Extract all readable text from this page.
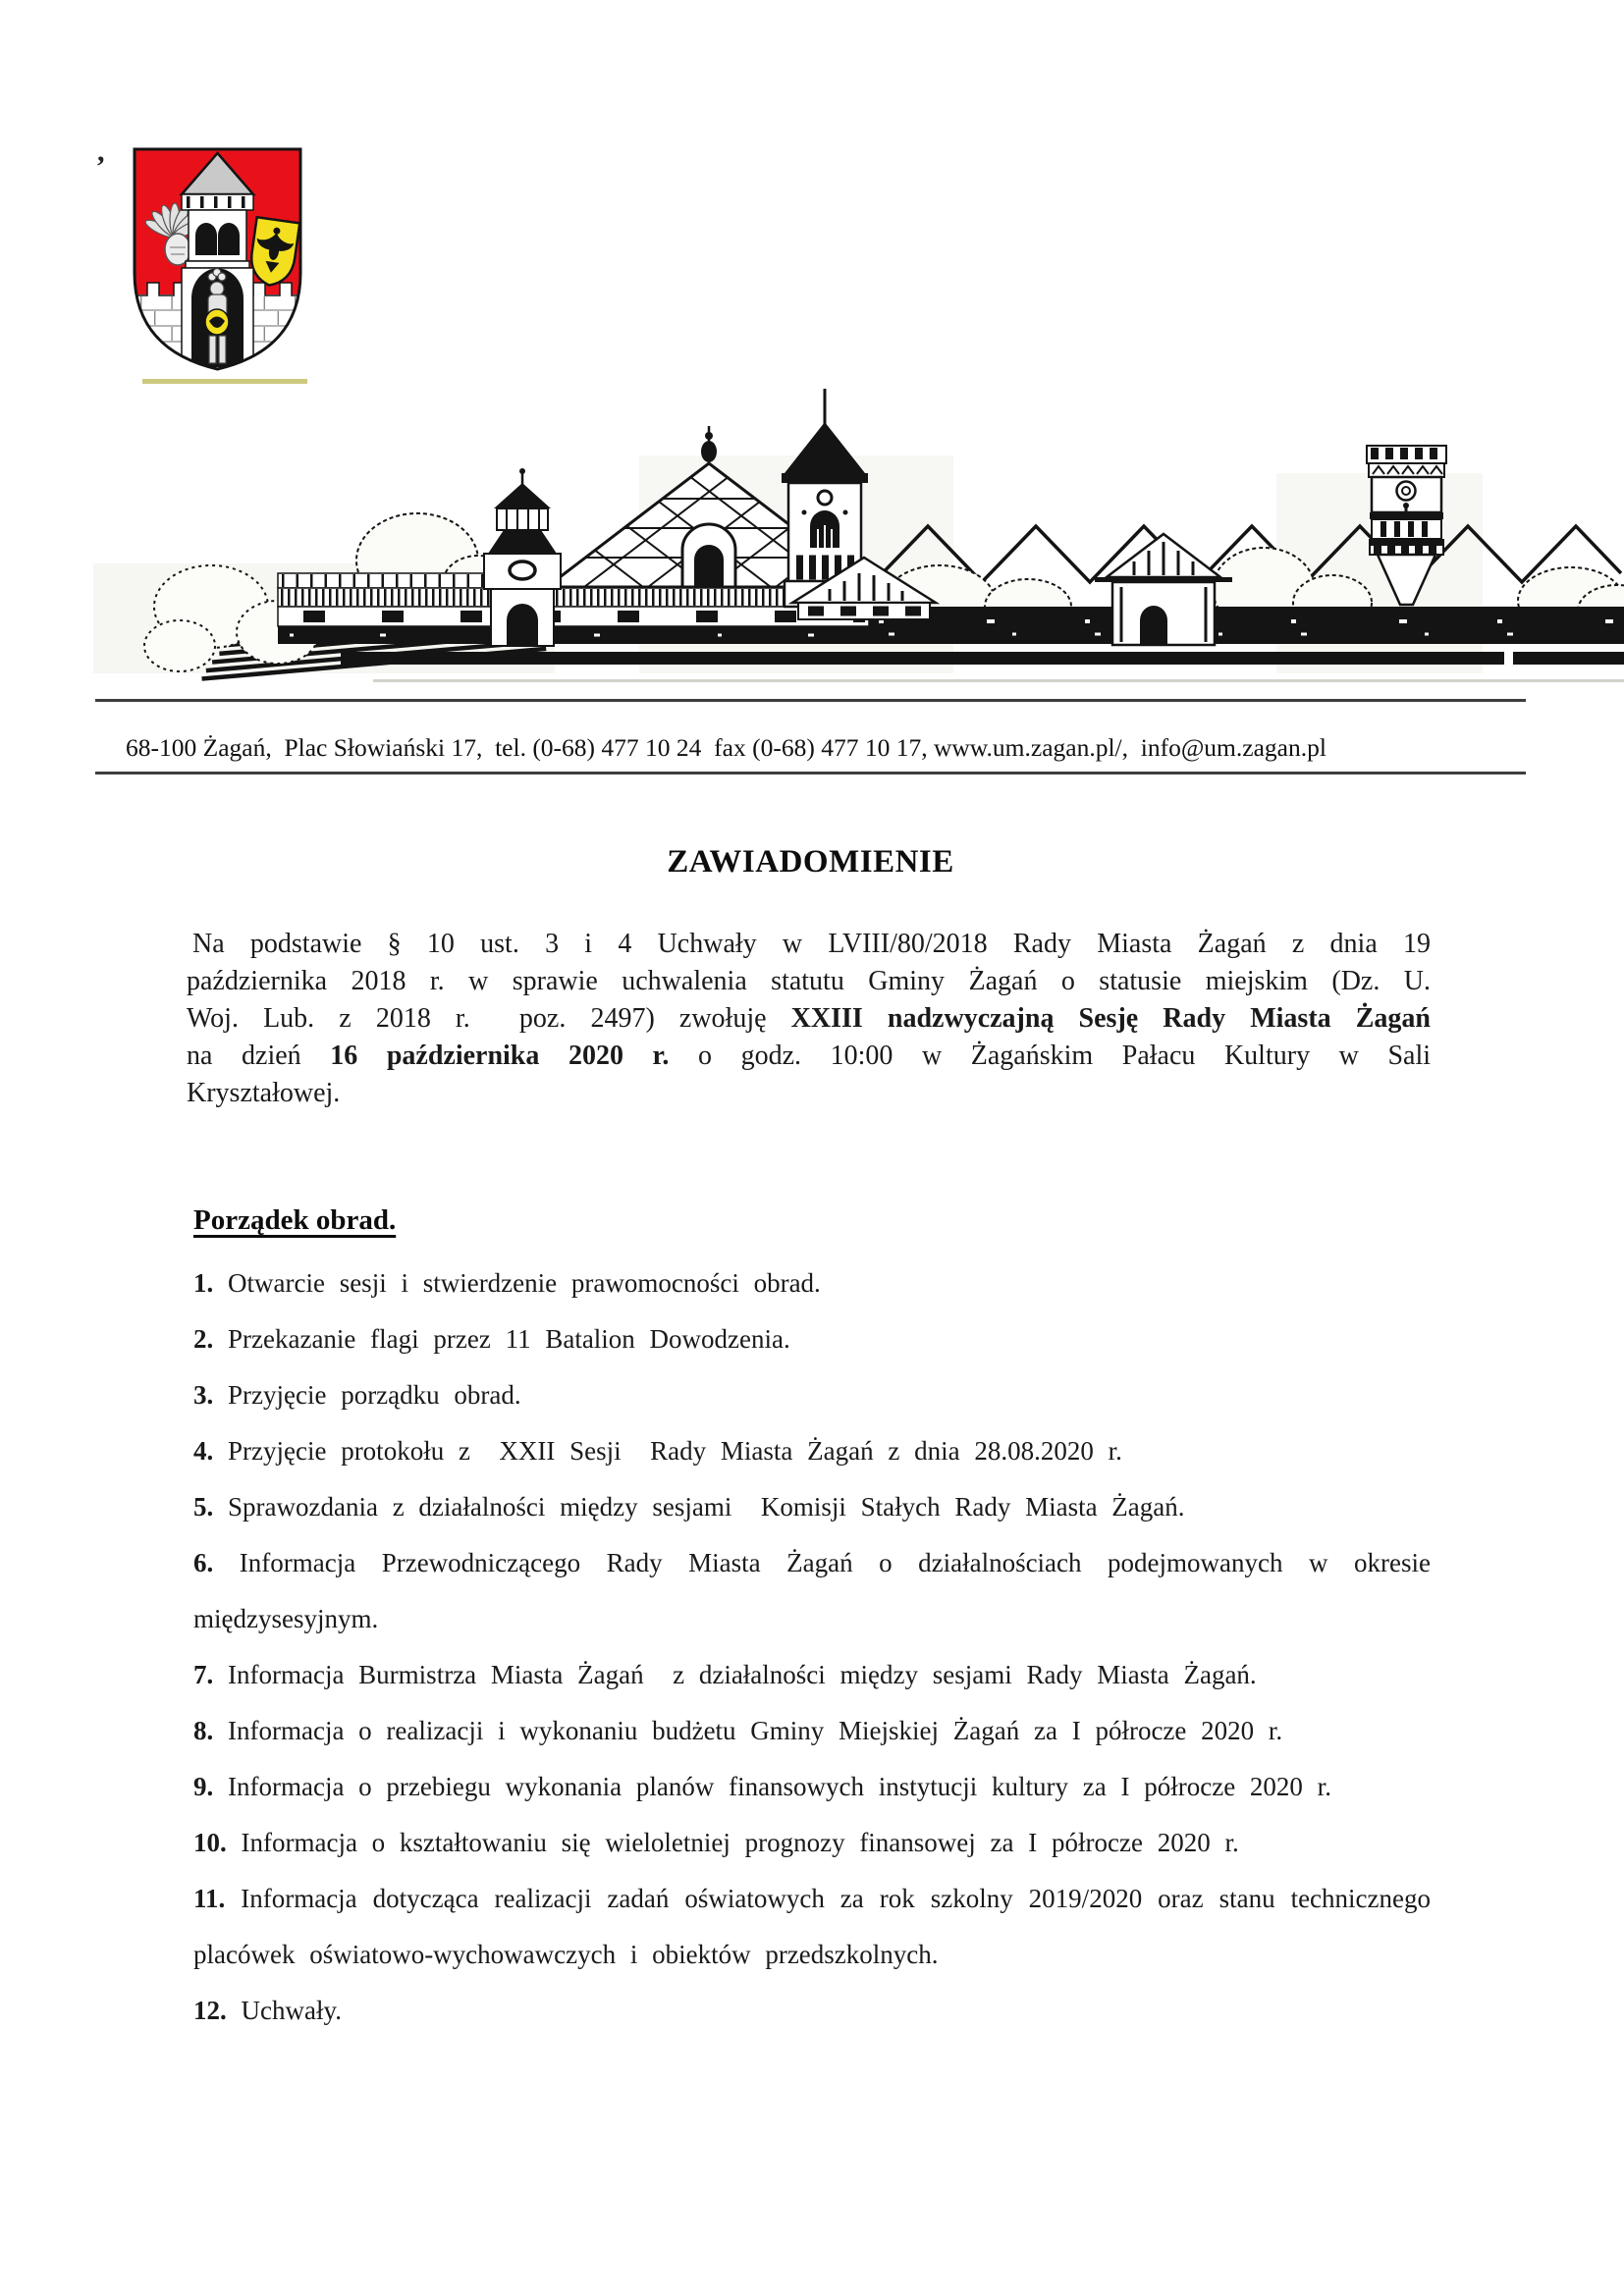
,
68-100 Żagań,  Plac Słowiański 17,  tel. (0-68) 477 10 24  fax (0-68) 477 10 17, www.um.zagan.pl/,  info@um.zagan.pl
ZAWIADOMIENIE

Na podstawie § 10 ust. 3 i 4 Uchwały w LVIII/80/2018 Rady Miasta Żagań z dnia 19 października 2018 r. w sprawie uchwalenia statutu Gminy Żagań o statusie miejskim (Dz. U. Woj. Lub. z 2018 r.  poz. 2497) zwołuję XXIII nadzwyczajną Sesję Rady Miasta Żagań na dzień 16 października 2020 r. o godz. 10:00 w Żagańskim Pałacu Kultury w Sali Kryształowej.

Porządek obrad.

1. Otwarcie sesji i stwierdzenie prawomocności obrad.

2. Przekazanie flagi przez 11 Batalion Dowodzenia.

3. Przyjęcie porządku obrad.

4. Przyjęcie protokołu z  XXII Sesji  Rady Miasta Żagań z dnia 28.08.2020 r.

5. Sprawozdania z działalności między sesjami  Komisji Stałych Rady Miasta Żagań.

6. Informacja Przewodniczącego Rady Miasta Żagań o działalnościach podejmowanych w okresie międzysesyjnym.

7. Informacja Burmistrza Miasta Żagań  z działalności między sesjami Rady Miasta Żagań.

8. Informacja o realizacji i wykonaniu budżetu Gminy Miejskiej Żagań za I półrocze 2020 r.

9. Informacja o przebiegu wykonania planów finansowych instytucji kultury za I półrocze 2020 r.

10. Informacja o kształtowaniu się wieloletniej prognozy finansowej za I półrocze 2020 r.

11. Informacja dotycząca realizacji zadań oświatowych za rok szkolny 2019/2020 oraz stanu technicznego placówek oświatowo-wychowawczych i obiektów przedszkolnych.

12. Uchwały.
